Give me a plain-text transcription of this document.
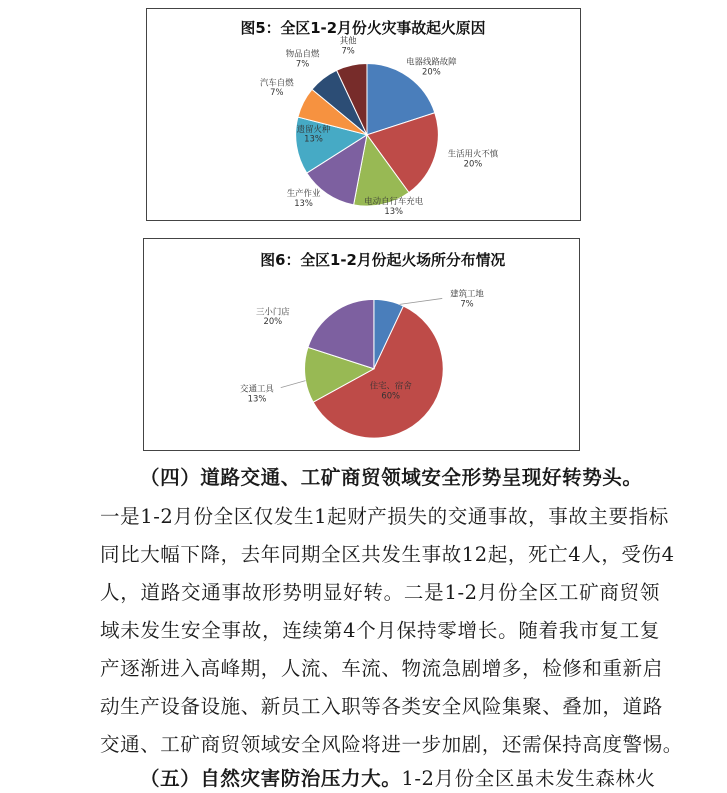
图5：全区1-2月份火灾事故起火原因
电器线路故障
20%
生活用火不慎
20%
电动自行车充电
13%
生产作业
13%
遗留火种
13%
汽车自燃
7%
物品自燃
7%
其他
7%
图6：全区1-2月份起火场所分布情况
建筑工地
7%
住宅、宿舍
60%
交通工具
13%
三小门店
20%
（四）道路交通、工矿商贸领域安全形势呈现好转势头。
一是1-2月份全区仅发生1起财产损失的交通事故，事故主要指标
同比大幅下降，去年同期全区共发生事故12起，死亡4人，受伤4
人，道路交通事故形势明显好转。二是1-2月份全区工矿商贸领
域未发生安全事故，连续第4个月保持零增长。随着我市复工复
产逐渐进入高峰期，人流、车流、物流急剧增多，检修和重新启
动生产设备设施、新员工入职等各类安全风险集聚、叠加，道路
交通、工矿商贸领域安全风险将进一步加剧，还需保持高度警惕。
（五）自然灾害防治压力大。1-2月份全区虽未发生森林火
